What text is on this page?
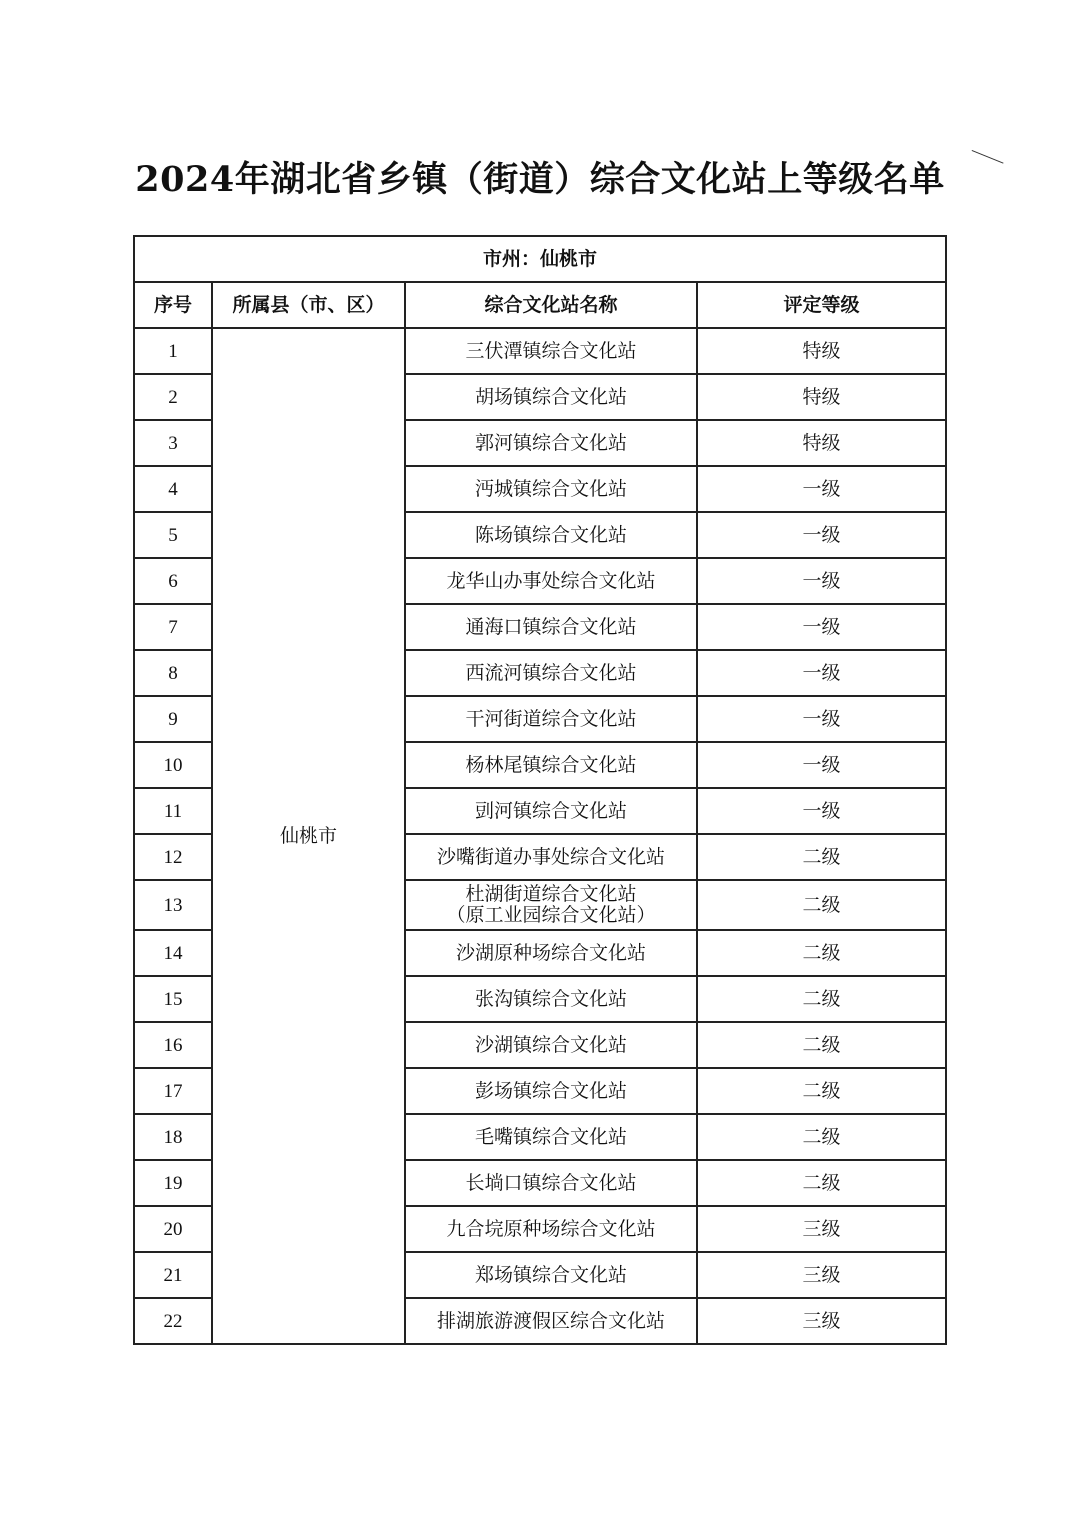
2024年湖北省乡镇（街道）综合文化站上等级名单
市州：仙桃市			
序号	所属县（市、区）	综合文化站名称	评定等级
1	仙桃市	三伏潭镇综合文化站	特级
2		胡场镇综合文化站	特级
3		郭河镇综合文化站	特级
4		沔城镇综合文化站	一级
5		陈场镇综合文化站	一级
6		龙华山办事处综合文化站	一级
7		通海口镇综合文化站	一级
8		西流河镇综合文化站	一级
9		干河街道综合文化站	一级
10		杨林尾镇综合文化站	一级
11		剅河镇综合文化站	一级
12		沙嘴街道办事处综合文化站	二级
13		杜湖街道综合文化站
（原工业园综合文化站）	二级
14		沙湖原种场综合文化站	二级
15		张沟镇综合文化站	二级
16		沙湖镇综合文化站	二级
17		彭场镇综合文化站	二级
18		毛嘴镇综合文化站	二级
19		长埫口镇综合文化站	二级
20		九合垸原种场综合文化站	三级
21		郑场镇综合文化站	三级
22		排湖旅游渡假区综合文化站	三级
